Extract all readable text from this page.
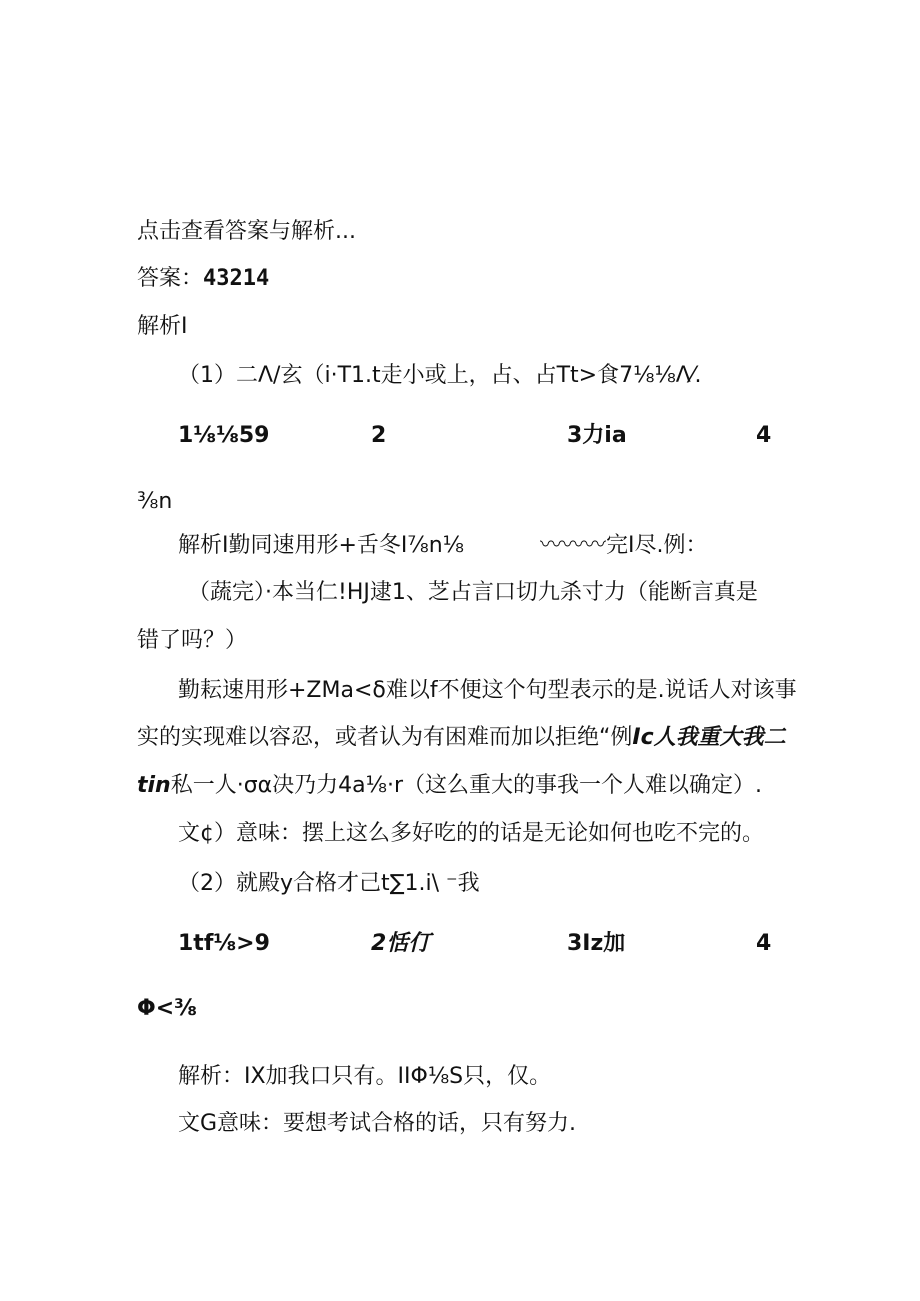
点击查看答案与解析...
答案：43214
解析I
（1）二Λ/玄（i·T1.t走小或上，占、占Tt>食7⅛⅛Λ⁄.
1⅛⅛59	2	3力ia	4
⅜n
解析I勤同速用形+舌冬I⅞n⅛	〰〰〰完I尽.例：
（蔬完）·本当仁!HJ逮1、芝占言口切九杀寸力（能断言真是
错了吗？）
勤耘速用形+ZMa<δ难以f不便这个句型表示的是.说话人对该事
实的实现难以容忍，或者认为有困难而加以拒绝“例Ic人我重大我二
tin私一人·σα决乃力4a⅛·r（这么重大的事我一个人难以确定）.
文¢）意味：摆上这么多好吃的的话是无论如何也吃不完的。
（2）就殿y合格才己t∑1.i\ ⁻我
1tf⅛>9	2恬仃	3Iz加	4
Φ<⅜
解析：IX加我口只有。IIΦ⅛S只，仅。
文G意味：要想考试合格的话，只有努力.
